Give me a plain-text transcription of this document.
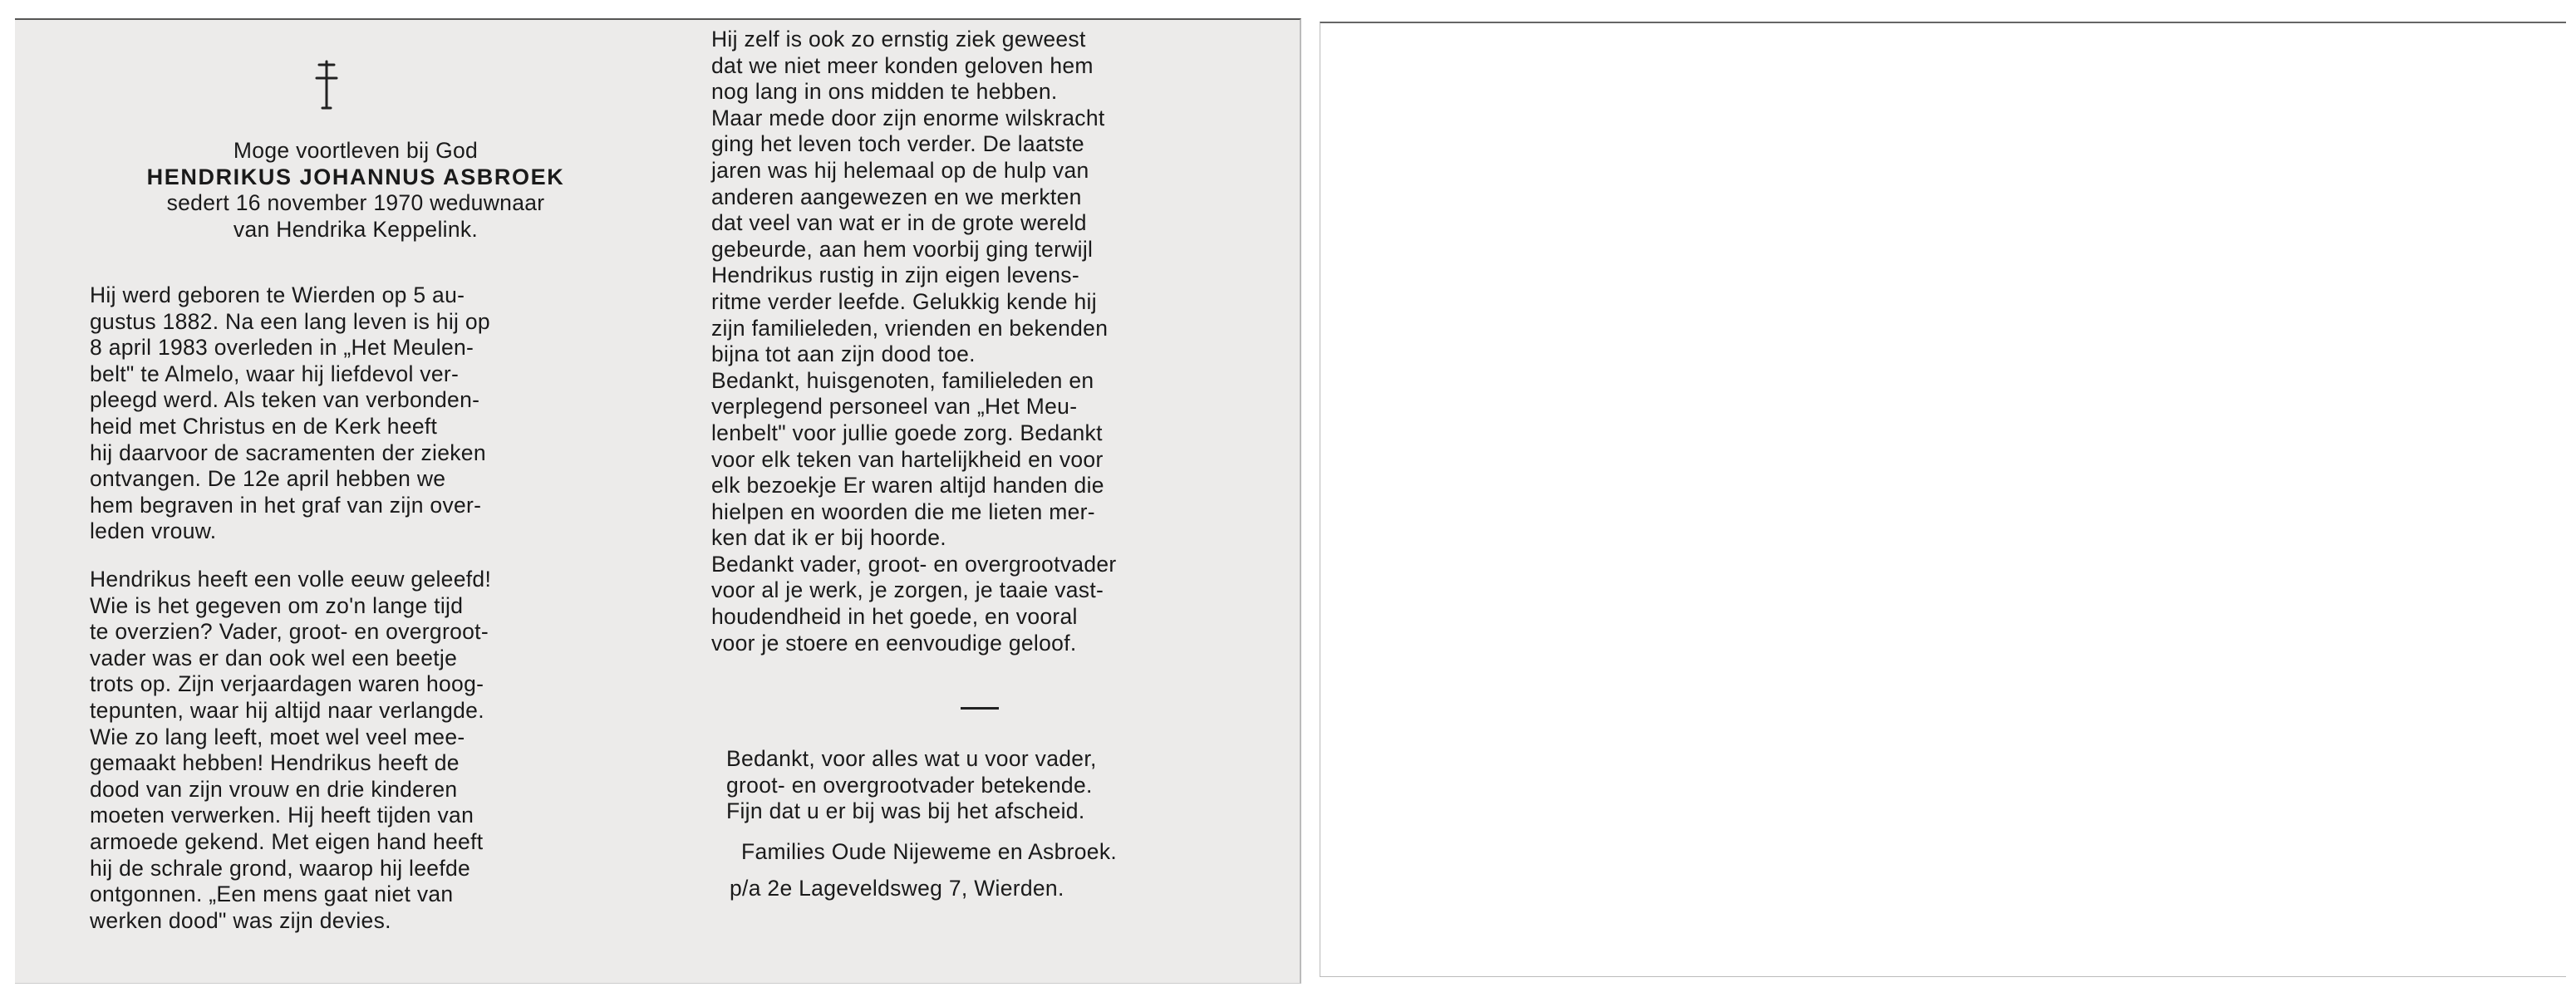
Moge voortleven bij God
HENDRIKUS JOHANNUS ASBROEK
sedert 16 november 1970 weduwnaar
van Hendrika Keppelink.
Hij werd geboren te Wierden op 5 au-
gustus 1882. Na een lang leven is hij op
8 april 1983 overleden in „Het Meulen-
belt" te Almelo, waar hij liefdevol ver-
pleegd werd. Als teken van verbonden-
heid met Christus en de Kerk heeft
hij daarvoor de sacramenten der zieken
ontvangen. De 12e april hebben we
hem begraven in het graf van zijn over-
leden vrouw.
Hendrikus heeft een volle eeuw geleefd!
Wie is het gegeven om zo'n lange tijd
te overzien? Vader, groot- en overgroot-
vader was er dan ook wel een beetje
trots op. Zijn verjaardagen waren hoog-
tepunten, waar hij altijd naar verlangde.
Wie zo lang leeft, moet wel veel mee-
gemaakt hebben! Hendrikus heeft de
dood van zijn vrouw en drie kinderen
moeten verwerken. Hij heeft tijden van
armoede gekend. Met eigen hand heeft
hij de schrale grond, waarop hij leefde
ontgonnen. „Een mens gaat niet van
werken dood" was zijn devies.
Hij zelf is ook zo ernstig ziek geweest
dat we niet meer konden geloven hem
nog lang in ons midden te hebben.
Maar mede door zijn enorme wilskracht
ging het leven toch verder. De laatste
jaren was hij helemaal op de hulp van
anderen aangewezen en we merkten
dat veel van wat er in de grote wereld
gebeurde, aan hem voorbij ging terwijl
Hendrikus rustig in zijn eigen levens-
ritme verder leefde. Gelukkig kende hij
zijn familieleden, vrienden en bekenden
bijna tot aan zijn dood toe.
Bedankt, huisgenoten, familieleden en
verplegend personeel van „Het Meu-
lenbelt" voor jullie goede zorg. Bedankt
voor elk teken van hartelijkheid en voor
elk bezoekje Er waren altijd handen die
hielpen en woorden die me lieten mer-
ken dat ik er bij hoorde.
Bedankt vader, groot- en overgrootvader
voor al je werk, je zorgen, je taaie vast-
houdendheid in het goede, en vooral
voor je stoere en eenvoudige geloof.
Bedankt, voor alles wat u voor vader,
groot- en overgrootvader betekende.
Fijn dat u er bij was bij het afscheid.
Families Oude Nijeweme en Asbroek.
p/a 2e Lageveldsweg 7, Wierden.
